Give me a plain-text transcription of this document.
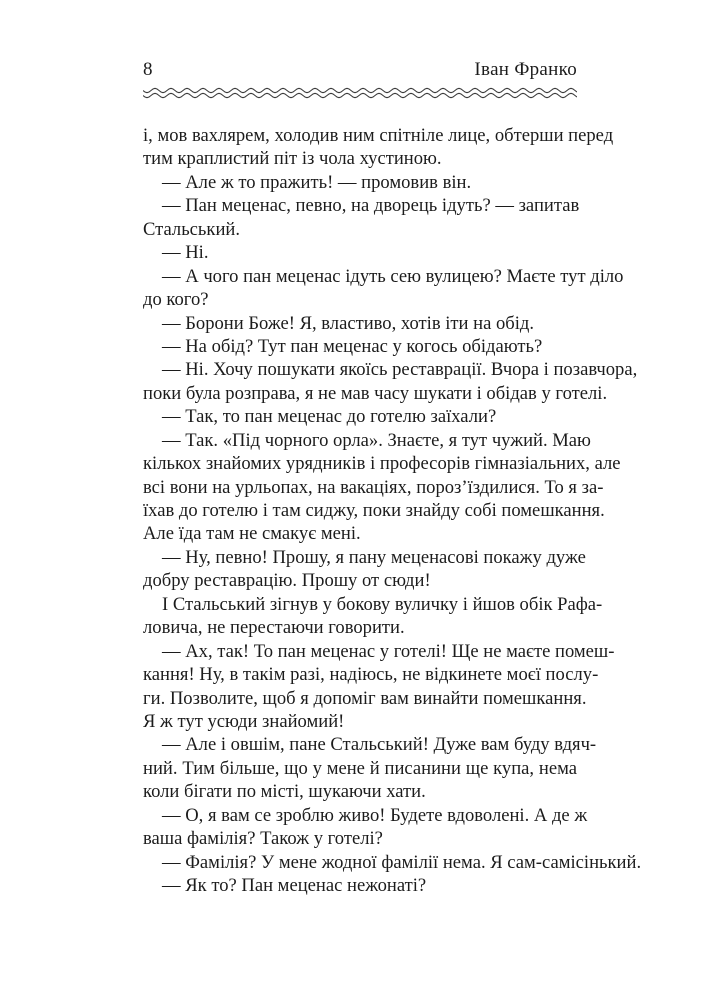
8	Іван Франко
і, мов вахлярем, холодив ним спітніле лице, обтерши перед
тим краплистий піт із чола хустиною.
— Але ж то пражить! — промовив він.
— Пан меценас, певно, на дворець ідуть? — запитав
Стальський.
— Ні.
— А чого пан меценас ідуть сею вулицею? Маєте тут діло
до кого?
— Борони Боже! Я, властиво, хотів іти на обід.
— На обід? Тут пан меценас у когось обідають?
— Ні. Хочу пошукати якоїсь реставрації. Вчора і позавчора,
поки була розправа, я не мав часу шукати і обідав у готелі.
— Так, то пан меценас до готелю заїхали?
— Так. «Під чорного орла». Знаєте, я тут чужий. Маю
кількох знайомих урядників і професорів гімназіальних, але
всі вони на урльопах, на вакаціях, пороз’їздилися. То я за-
їхав до готелю і там сиджу, поки знайду собі помешкання.
Але їда там не смакує мені.
— Ну, певно! Прошу, я пану меценасові покажу дуже
добру реставрацію. Прошу от сюди!
І Стальський зігнув у бокову вуличку і йшов обік Рафа-
ловича, не перестаючи говорити.
— Ах, так! То пан меценас у готелі! Ще не маєте помеш-
кання! Ну, в такім разі, надіюсь, не відкинете моєї послу-
ги. Позволите, щоб я допоміг вам винайти помешкання.
Я ж тут усюди знайомий!
— Але і овшім, пане Стальський! Дуже вам буду вдяч-
ний. Тим більше, що у мене й писанини ще купа, нема
коли бігати по місті, шукаючи хати.
— О, я вам се зроблю живо! Будете вдоволені. А де ж
ваша фамілія? Також у готелі?
— Фамілія? У мене жодної фамілії нема. Я сам-самісінький.
— Як то? Пан меценас нежонаті?
